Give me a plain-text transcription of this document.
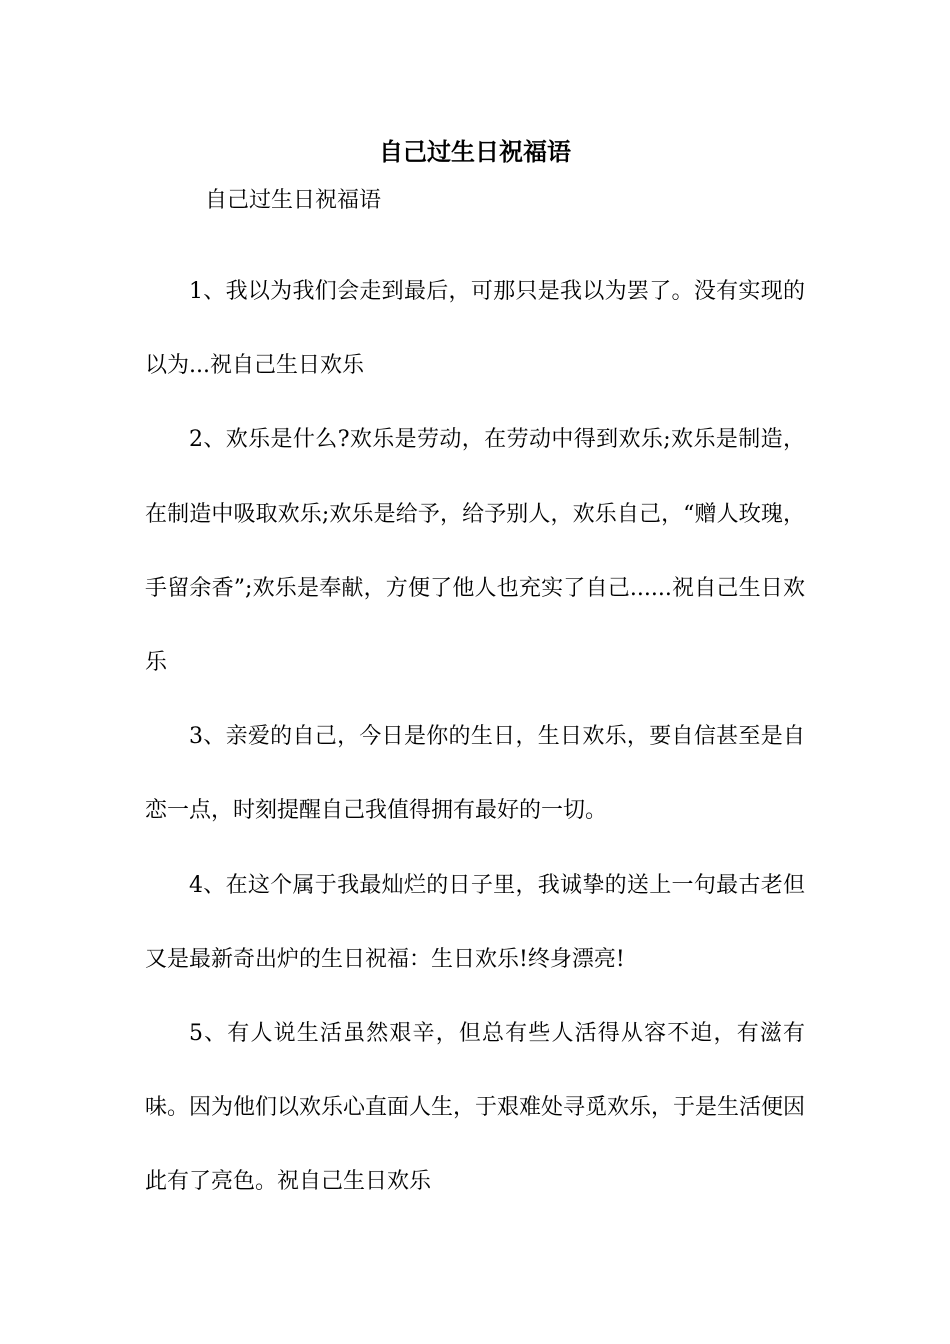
自己过生日祝福语

自己过生日祝福语

1、我以为我们会走到最后，可那只是我以为罢了。没有实现的以为...祝自己生日欢乐

2、欢乐是什么?欢乐是劳动，在劳动中得到欢乐;欢乐是制造，在制造中吸取欢乐;欢乐是给予，给予别人，欢乐自己，“赠人玫瑰，手留余香”;欢乐是奉献，方便了他人也充实了自己......祝自己生日欢乐

3、亲爱的自己，今日是你的生日，生日欢乐，要自信甚至是自恋一点，时刻提醒自己我值得拥有最好的一切。

4、在这个属于我最灿烂的日子里，我诚挚的送上一句最古老但又是最新奇出炉的生日祝福：生日欢乐!终身漂亮!

5、有人说生活虽然艰辛，但总有些人活得从容不迫，有滋有味。因为他们以欢乐心直面人生，于艰难处寻觅欢乐，于是生活便因此有了亮色。祝自己生日欢乐
